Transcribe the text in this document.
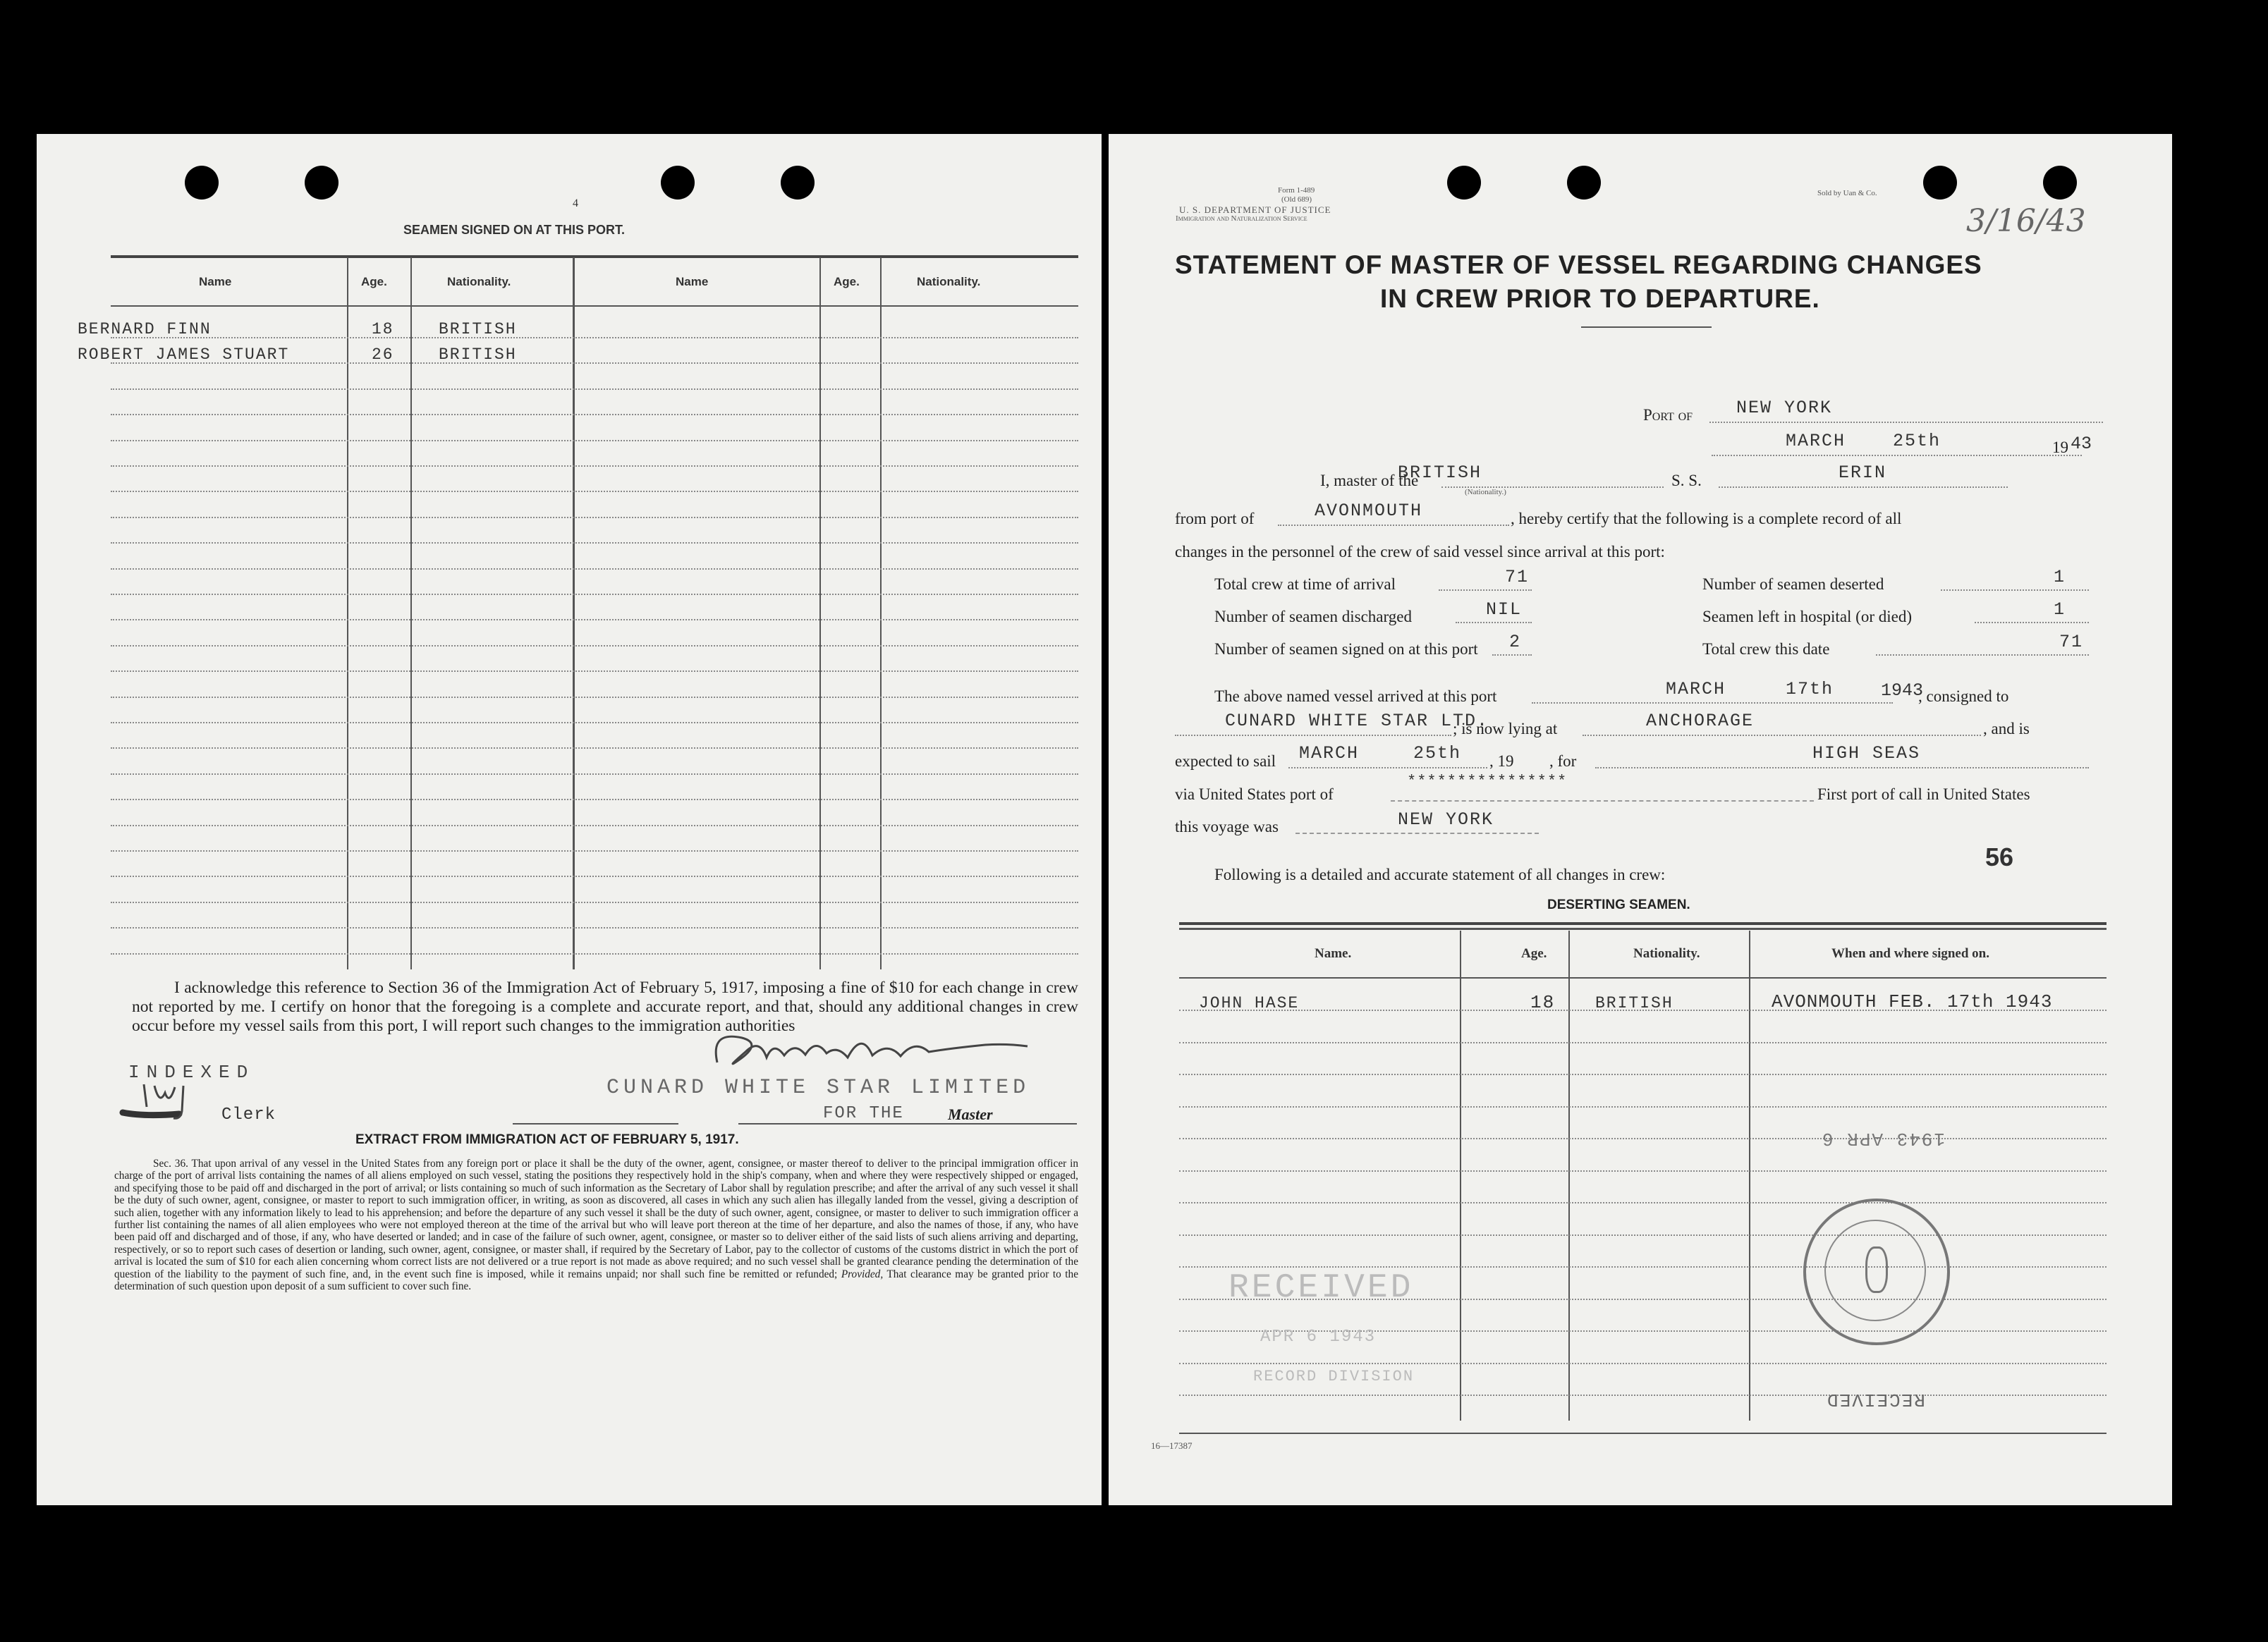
4
SEAMEN SIGNED ON AT THIS PORT.
Name	Age.	Nationality.	Name	Age.	Nationality.
BERNARD FINN	18	BRITISH
ROBERT JAMES STUART	26	BRITISH
I acknowledge this reference to Section 36 of the Immigration Act of February 5, 1917, imposing a fine of $10 for each change in crew not reported by me. I certify on honor that the foregoing is a complete and accurate report, and that, should any additional changes in crew occur before my vessel sails from this port, I will report such changes to the immigration authorities
INDEXED
Clerk
CUNARD WHITE STAR LIMITED
FOR THE	Master
EXTRACT FROM IMMIGRATION ACT OF FEBRUARY 5, 1917.
Sec. 36. That upon arrival of any vessel in the United States from any foreign port or place it shall be the duty of the owner, agent, consignee, or master thereof to deliver to the principal immigration officer in charge of the port of arrival lists containing the names of all aliens employed on such vessel, stating the positions they respectively hold in the ship's company, when and where they were respectively shipped or engaged, and specifying those to be paid off and discharged in the port of arrival; or lists containing so much of such information as the Secretary of Labor shall by regulation prescribe; and after the arrival of any such vessel it shall be the duty of such owner, agent, consignee, or master to report to such immigration officer, in writing, as soon as discovered, all cases in which any such alien has illegally landed from the vessel, giving a description of such alien, together with any information likely to lead to his apprehension; and before the departure of any such vessel it shall be the duty of such owner, agent, consignee, or master to deliver to such immigration officer a further list containing the names of all alien employees who were not employed thereon at the time of the arrival but who will leave port thereon at the time of her departure, and also the names of those, if any, who have been paid off and discharged and of those, if any, who have deserted or landed; and in case of the failure of such owner, agent, consignee, or master so to deliver either of the said lists of such aliens arriving and departing, respectively, or so to report such cases of desertion or landing, such owner, agent, consignee, or master shall, if required by the Secretary of Labor, pay to the collector of customs of the customs district in which the port of arrival is located the sum of $10 for each alien concerning whom correct lists are not delivered or a true report is not made as above required; and no such vessel shall be granted clearance pending the determination of the question of the liability to the payment of such fine, and, in the event such fine is imposed, while it remains unpaid; nor shall such fine be remitted or refunded; Provided, That clearance may be granted prior to the determination of such question upon deposit of a sum sufficient to cover such fine.
Form 1-489
(Old 689)
U. S. DEPARTMENT OF JUSTICE
Immigration and Naturalization Service
Sold by Uan & Co.
3/16/43
STATEMENT OF MASTER OF VESSEL REGARDING CHANGES
IN CREW PRIOR TO DEPARTURE.
Port of NEW YORK
MARCH	25th	19 43
I, master of the
BRITISH
(Nationality.)
S. S.	ERIN
from port of	AVONMOUTH	, hereby certify that the following is a complete record of all
changes in the personnel of the crew of said vessel since arrival at this port:
Total crew at time of arrival	71	Number of seamen deserted	1
Number of seamen discharged	NIL	Seamen left in hospital (or died)	1
Number of seamen signed on at this port 2	Total crew this date	71
The above named vessel arrived at this port	MARCH	17th	1943
, consigned to
CUNARD WHITE STAR LTD.
; is now lying at	ANCHORAGE	, and is
expected to sail MARCH	25th , 19 , for	HIGH SEAS
via United States port of
****************
First port of call in United States
this voyage was	NEW YORK
56
Following is a detailed and accurate statement of all changes in crew:
DESERTING SEAMEN.
Name.	Age.	Nationality.	When and where signed on.
JOHN HASE	18 BRITISH	AVONMOUTH FEB. 17th 1943
RECEIVED
APR 6 1943
RECORD DIVISION
1943 APR 6
RECEIVED
16—17387
